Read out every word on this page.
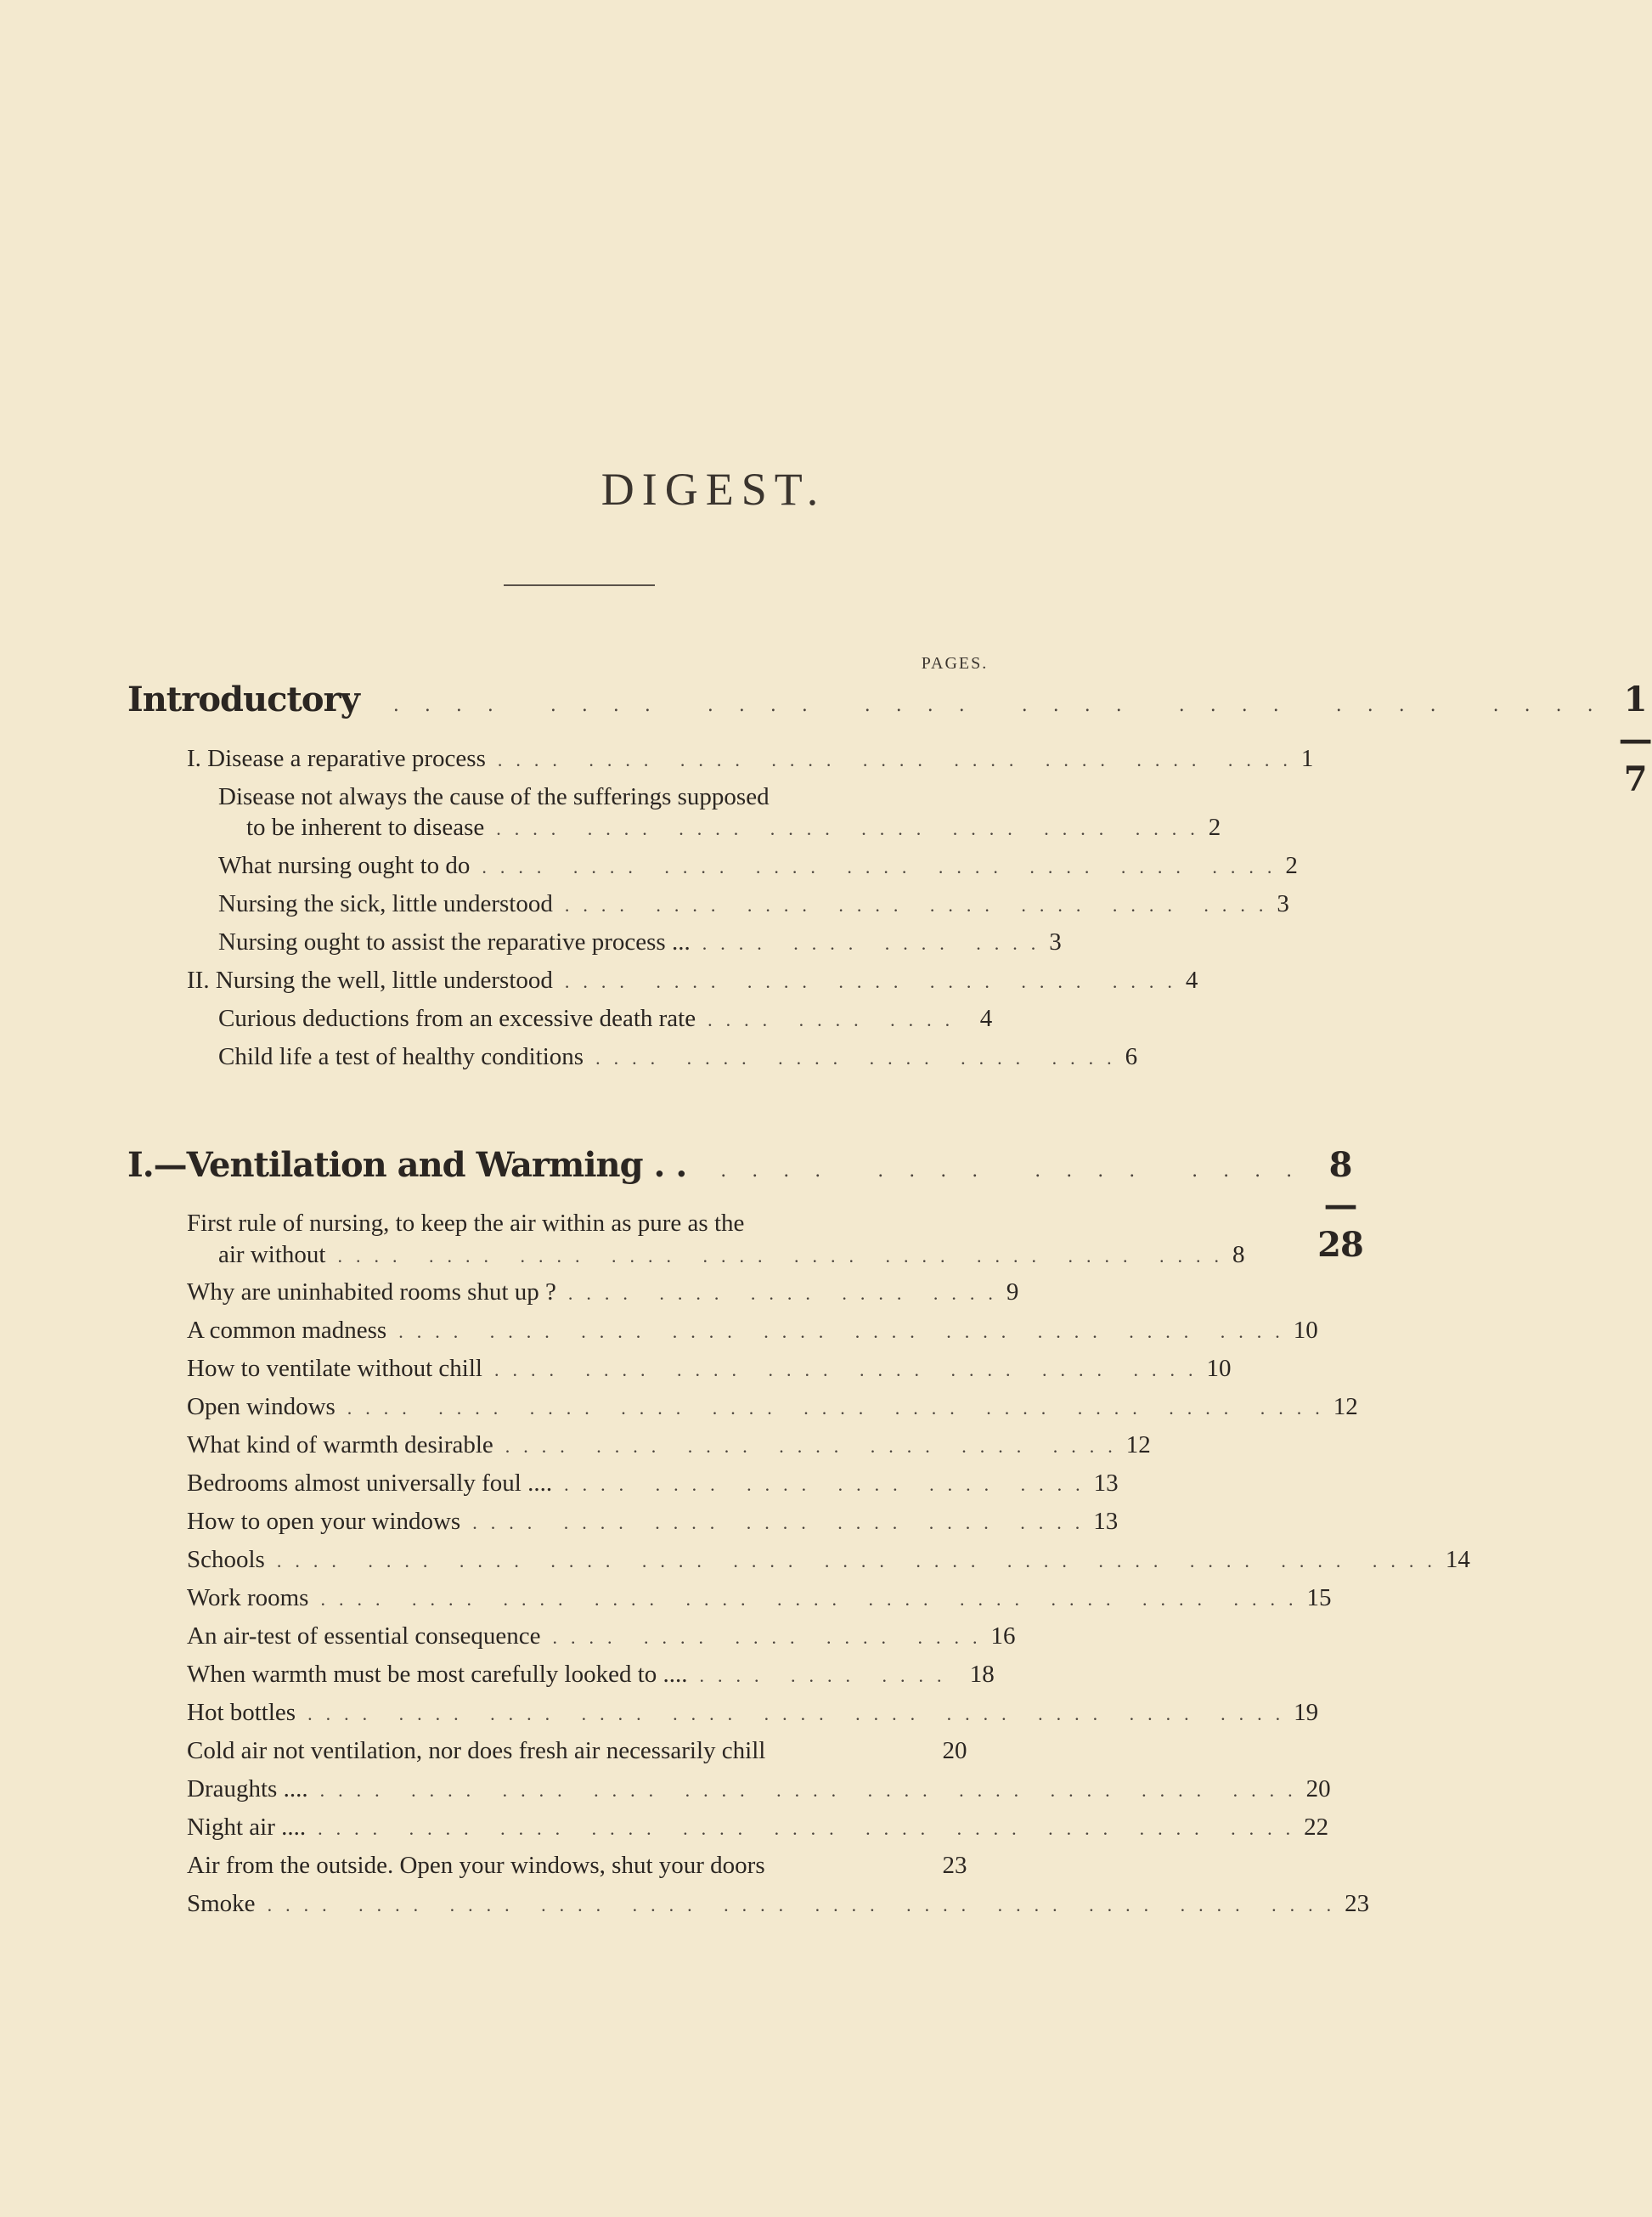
DIGEST.
PAGES.
Introductory	.... .... .... .... .... .... .... .... 1—7
I. Disease a reparative process .... .... .... .... .... .... .... .... .... 1
Disease not always the cause of the sufferings supposed
to be inherent to disease .... .... .... .... .... .... .... .... 2
What nursing ought to do .... .... .... .... .... .... .... .... .... 2
Nursing the sick, little understood .... .... .... .... .... .... .... .... 3
Nursing ought to assist the reparative process ... .... .... .... .... 3
II. Nursing the well, little understood .... .... .... .... .... .... .... 4
Curious deductions from an excessive death rate .... .... .... 4
Child life a test of healthy conditions .... .... .... .... .... .... 6
I.—Ventilation and Warming . .	.... .... .... .... 8—28
First rule of nursing, to keep the air within as pure as the
air without .... .... .... .... .... .... .... .... .... .... 8
Why are uninhabited rooms shut up ? .... .... .... .... .... 9
A common madness .... .... .... .... .... .... .... .... .... .... 10
How to ventilate without chill .... .... .... .... .... .... .... .... 10
Open windows .... .... .... .... .... .... .... .... .... .... .... 12
What kind of warmth desirable .... .... .... .... .... .... .... 12
Bedrooms almost universally foul .... .... .... .... .... .... .... 13
How to open your windows .... .... .... .... .... .... .... 13
Schools .... .... .... .... .... .... .... .... .... .... .... .... .... 14
Work rooms .... .... .... .... .... .... .... .... .... .... .... 15
An air-test of essential consequence .... .... .... .... .... 16
When warmth must be most carefully looked to .... .... .... .... 18
Hot bottles .... .... .... .... .... .... .... .... .... .... .... 19
Cold air not ventilation, nor does fresh air necessarily chill	20
Draughts .... .... .... .... .... .... .... .... .... .... .... .... 20
Night air .... .... .... .... .... .... .... .... .... .... .... .... 22
Air from the outside. Open your windows, shut your doors	23
Smoke .... .... .... .... .... .... .... .... .... .... .... .... 23
